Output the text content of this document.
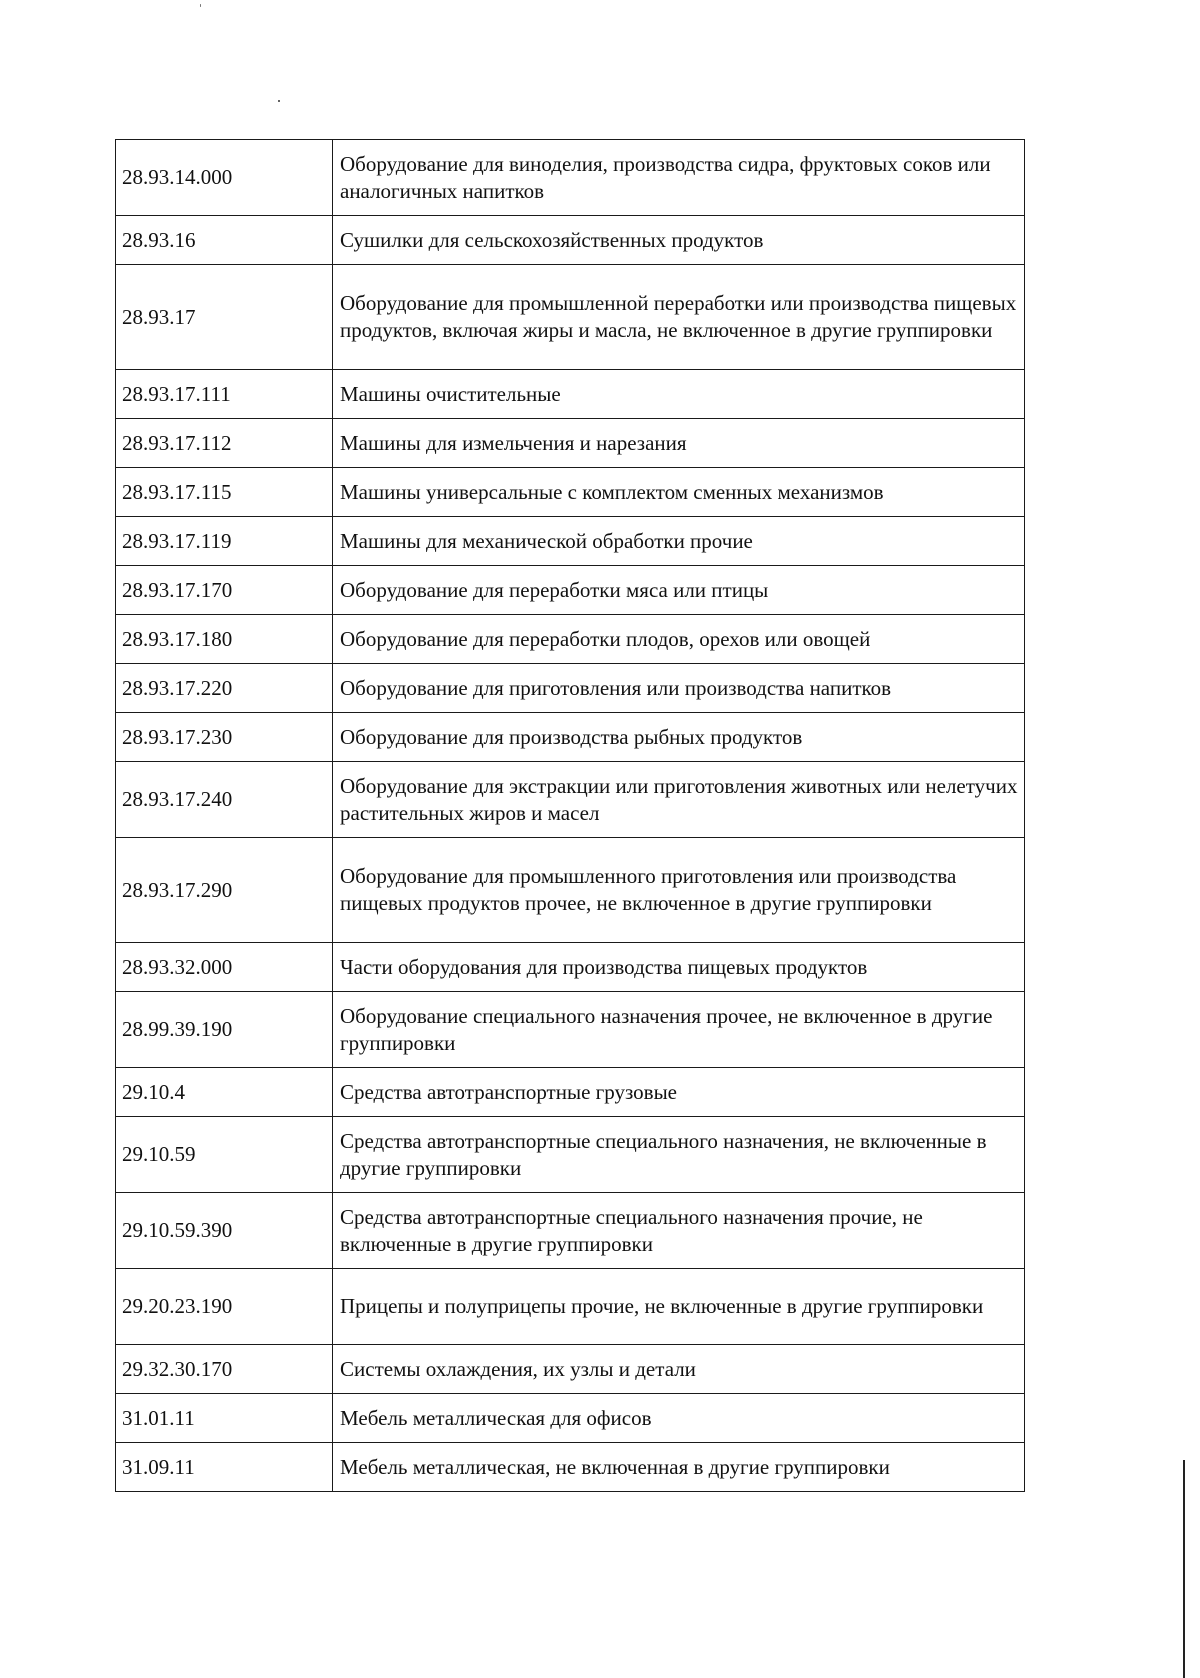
28.93.14.000	Оборудование для виноделия, производства сидра, фруктовых соков или аналогичных напитков
28.93.16	Сушилки для сельскохозяйственных продуктов
28.93.17	Оборудование для промышленной переработки или производства пищевых продуктов, включая жиры и масла, не включенное в другие группировки
28.93.17.111	Машины очистительные
28.93.17.112	Машины для измельчения и нарезания
28.93.17.115	Машины универсальные с комплектом сменных механизмов
28.93.17.119	Машины для механической обработки прочие
28.93.17.170	Оборудование для переработки мяса или птицы
28.93.17.180	Оборудование для переработки плодов, орехов или овощей
28.93.17.220	Оборудование для приготовления или производства напитков
28.93.17.230	Оборудование для производства рыбных продуктов
28.93.17.240	Оборудование для экстракции или приготовления животных или нелетучих растительных жиров и масел
28.93.17.290	Оборудование для промышленного приготовления или производства пищевых продуктов прочее, не включенное в другие группировки
28.93.32.000	Части оборудования для производства пищевых продуктов
28.99.39.190	Оборудование специального назначения прочее, не включенное в другие группировки
29.10.4	Средства автотранспортные грузовые
29.10.59	Средства автотранспортные специального назначения, не включенные в другие группировки
29.10.59.390	Средства автотранспортные специального назначения прочие, не включенные в другие группировки
29.20.23.190	Прицепы и полуприцепы прочие, не включенные в другие группировки
29.32.30.170	Системы охлаждения, их узлы и детали
31.01.11	Мебель металлическая для офисов
31.09.11	Мебель металлическая, не включенная в другие группировки
